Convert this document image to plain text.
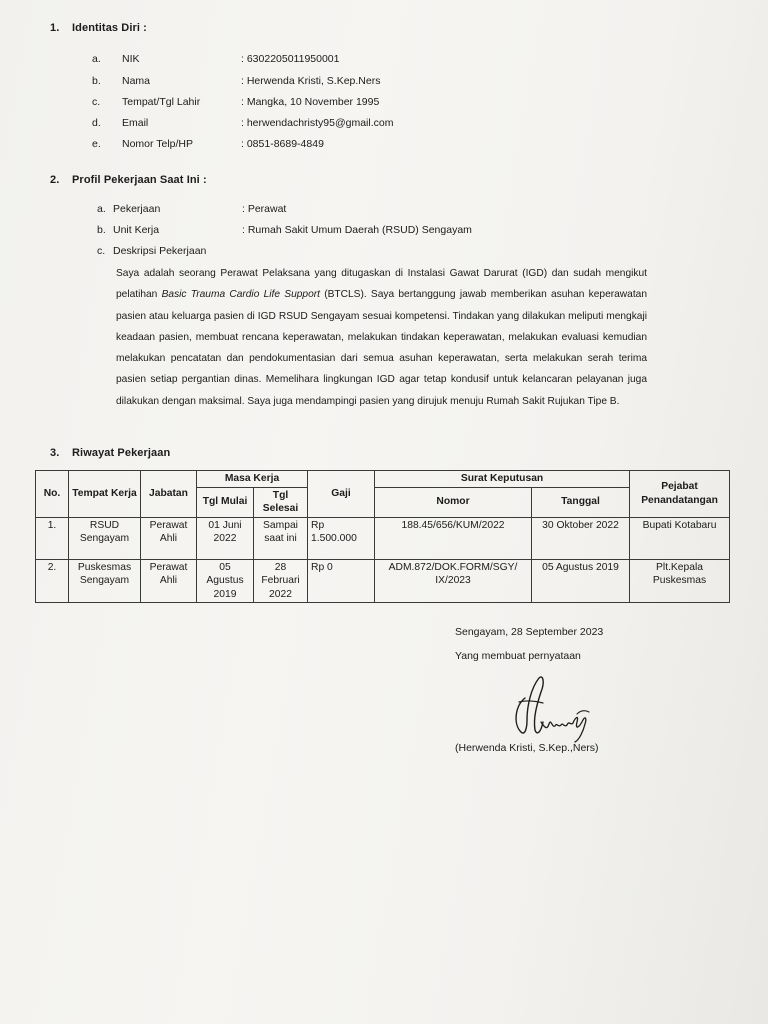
1. Identitas Diri :
a. NIK	: 6302205011950001
b. Nama	: Herwenda Kristi, S.Kep.Ners
c. Tempat/Tgl Lahir	: Mangka, 10 November 1995
d. Email	: herwendachristy95@gmail.com
e. Nomor Telp/HP	: 0851-8689-4849
2. Profil Pekerjaan Saat Ini :
a. Pekerjaan	: Perawat
b. Unit Kerja	: Rumah Sakit Umum Daerah (RSUD) Sengayam
c. Deskripsi Pekerjaan
Saya adalah seorang Perawat Pelaksana yang ditugaskan di Instalasi Gawat Darurat (IGD) dan sudah mengikut pelatihan Basic Trauma Cardio Life Support (BTCLS). Saya bertanggung jawab memberikan asuhan keperawatan pasien atau keluarga pasien di IGD RSUD Sengayam sesuai kompetensi. Tindakan yang dilakukan meliputi mengkaji keadaan pasien, membuat rencana keperawatan, melakukan tindakan keperawatan, melakukan evaluasi kemudian melakukan pencatatan dan pendokumentasian dari semua asuhan keperawatan, serta melakukan serah terima pasien setiap pergantian dinas. Memelihara lingkungan IGD agar tetap kondusif untuk kelancaran pelayanan juga dilakukan dengan maksimal. Saya juga mendampingi pasien yang dirujuk menuju Rumah Sakit Rujukan Tipe B.
3. Riwayat Pekerjaan
No.	Tempat Kerja	Jabatan	Masa Kerja		Gaji	Surat Keputusan		Pejabat Penandatangan
			Tgl Mulai	Tgl Selesai		Nomor	Tanggal	
1.	RSUD Sengayam	Perawat Ahli	01 Juni 2022	Sampai saat ini	Rp 1.500.000	188.45/656/KUM/2022	30 Oktober 2022	Bupati Kotabaru
2.	Puskesmas Sengayam	Perawat Ahli	05 Agustus 2019	28 Februari 2022	Rp 0	ADM.872/DOK.FORM/SGY/ IX/2023	05 Agustus 2019	Plt.Kepala Puskesmas
Sengayam, 28 September 2023
Yang membuat pernyataan
(Herwenda Kristi, S.Kep.,Ners)
